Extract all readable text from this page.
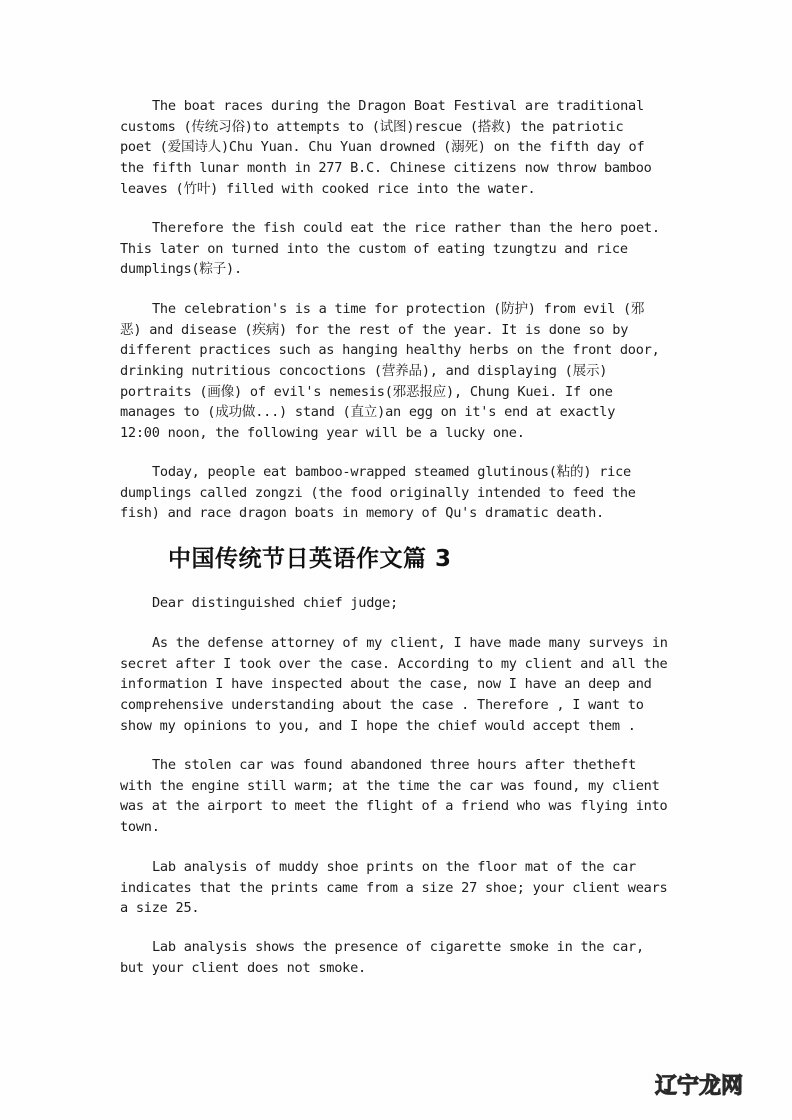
The boat races during the Dragon Boat Festival are traditional
customs (传统习俗)to attempts to (试图)rescue (搭救) the patriotic
poet (爱国诗人)Chu Yuan. Chu Yuan drowned (溺死) on the fifth day of
the fifth lunar month in 277 B.C. Chinese citizens now throw bamboo
leaves (竹叶) filled with cooked rice into the water.
Therefore the fish could eat the rice rather than the hero poet.
This later on turned into the custom of eating tzungtzu and rice
dumplings(粽子).
The celebration's is a time for protection (防护) from evil (邪
恶) and disease (疾病) for the rest of the year. It is done so by
different practices such as hanging healthy herbs on the front door,
drinking nutritious concoctions (营养品), and displaying (展示)
portraits (画像) of evil's nemesis(邪恶报应), Chung Kuei. If one
manages to (成功做...) stand (直立)an egg on it's end at exactly
12:00 noon, the following year will be a lucky one.
Today, people eat bamboo-wrapped steamed glutinous(粘的) rice
dumplings called zongzi (the food originally intended to feed the
fish) and race dragon boats in memory of Qu's dramatic death.
中国传统节日英语作文篇 3
Dear distinguished chief judge;
As the defense attorney of my client, I have made many surveys in
secret after I took over the case. According to my client and all the
information I have inspected about the case, now I have an deep and
comprehensive understanding about the case . Therefore , I want to
show my opinions to you, and I hope the chief would accept them .
The stolen car was found abandoned three hours after thetheft
with the engine still warm; at the time the car was found, my client
was at the airport to meet the flight of a friend who was flying into
town.
Lab analysis of muddy shoe prints on the floor mat of the car
indicates that the prints came from a size 27 shoe; your client wears
a size 25.
Lab analysis shows the presence of cigarette smoke in the car,
but your client does not smoke.
辽宁龙网
